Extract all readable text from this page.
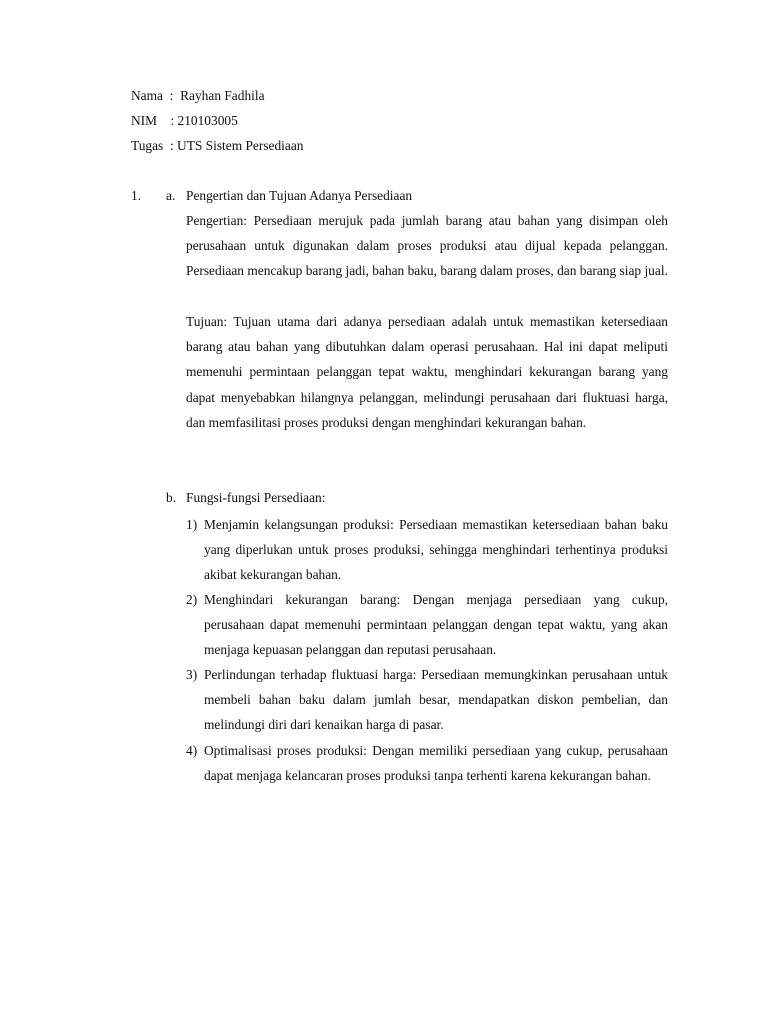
Nama  :  Rayhan Fadhila
NIM    : 210103005
Tugas  : UTS Sistem Persediaan
1. a. Pengertian dan Tujuan Adanya Persediaan
Pengertian: Persediaan merujuk pada jumlah barang atau bahan yang disimpan oleh perusahaan untuk digunakan dalam proses produksi atau dijual kepada pelanggan. Persediaan mencakup barang jadi, bahan baku, barang dalam proses, dan barang siap jual.
Tujuan: Tujuan utama dari adanya persediaan adalah untuk memastikan ketersediaan barang atau bahan yang dibutuhkan dalam operasi perusahaan. Hal ini dapat meliputi memenuhi permintaan pelanggan tepat waktu, menghindari kekurangan barang yang dapat menyebabkan hilangnya pelanggan, melindungi perusahaan dari fluktuasi harga, dan memfasilitasi proses produksi dengan menghindari kekurangan bahan.
b. Fungsi-fungsi Persediaan:
1) Menjamin kelangsungan produksi: Persediaan memastikan ketersediaan bahan baku yang diperlukan untuk proses produksi, sehingga menghindari terhentinya produksi akibat kekurangan bahan.
2) Menghindari kekurangan barang: Dengan menjaga persediaan yang cukup, perusahaan dapat memenuhi permintaan pelanggan dengan tepat waktu, yang akan menjaga kepuasan pelanggan dan reputasi perusahaan.
3) Perlindungan terhadap fluktuasi harga: Persediaan memungkinkan perusahaan untuk membeli bahan baku dalam jumlah besar, mendapatkan diskon pembelian, dan melindungi diri dari kenaikan harga di pasar.
4) Optimalisasi proses produksi: Dengan memiliki persediaan yang cukup, perusahaan dapat menjaga kelancaran proses produksi tanpa terhenti karena kekurangan bahan.
